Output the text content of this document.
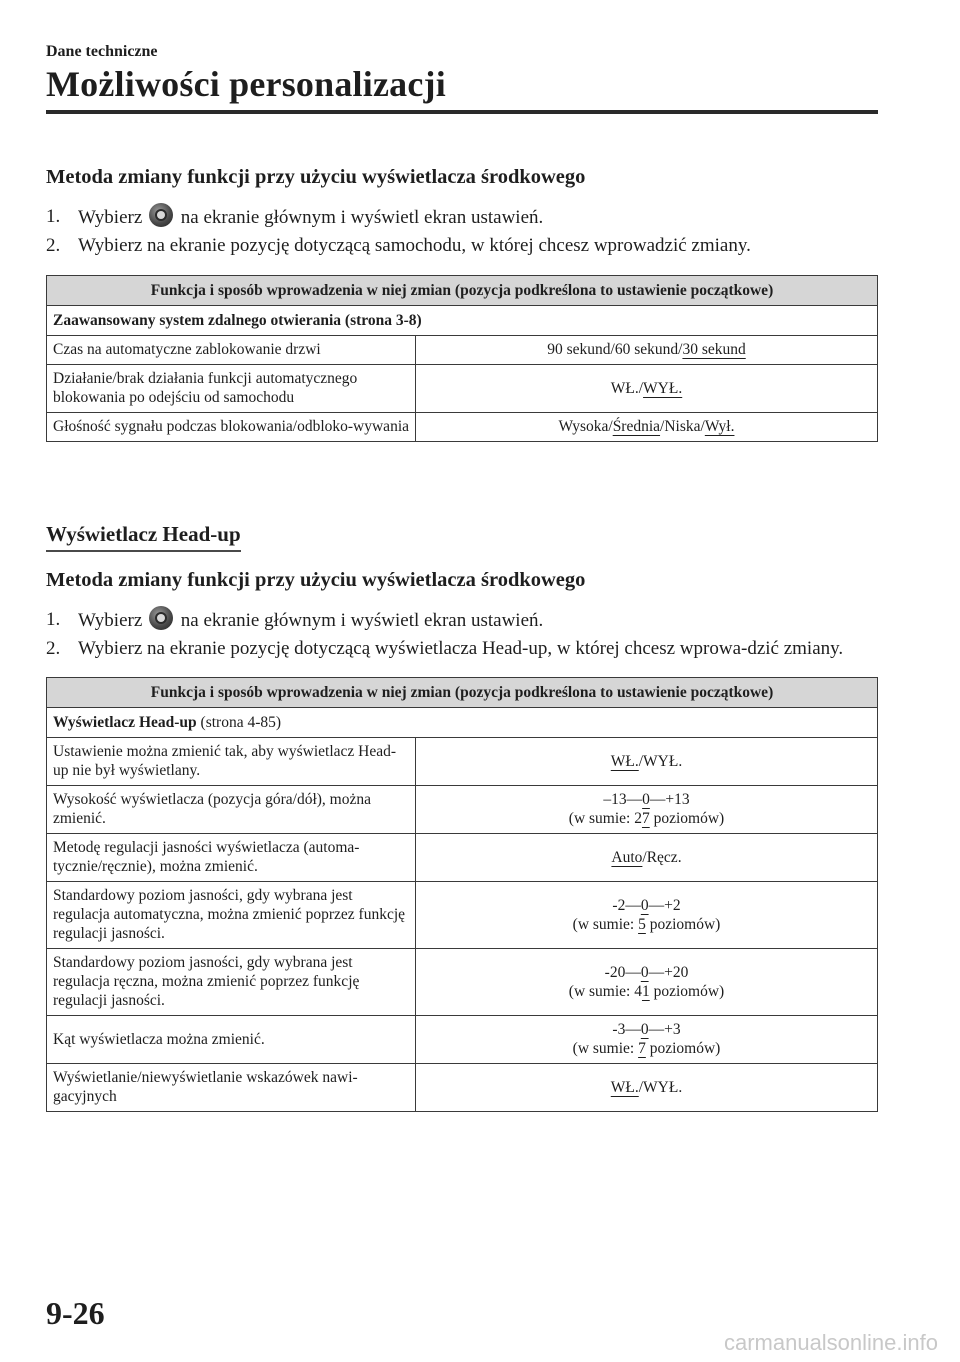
Dane techniczne

Możliwości personalizacji

Metoda zmiany funkcji przy użyciu wyświetlacza środkowego

1. Wybierz na ekranie głównym i wyświetl ekran ustawień.
2. Wybierz na ekranie pozycję dotyczącą samochodu, w której chcesz wprowadzić zmiany.
Funkcja i sposób wprowadzenia w niej zmian (pozycja podkreślona to ustawienie początkowe)	
Zaawansowany system zdalnego otwierania (strona 3-8)	
Czas na automatyczne zablokowanie drzwi	90 sekund/60 sekund/30 sekund
Działanie/brak działania funkcji automatycznego blokowania po odejściu od samochodu	WŁ./WYŁ.
Głośność sygnału podczas blokowania/odbloko-wywania	Wysoka/Średnia/Niska/Wył.
Wyświetlacz Head-up

Metoda zmiany funkcji przy użyciu wyświetlacza środkowego

1. Wybierz na ekranie głównym i wyświetl ekran ustawień.
2. Wybierz na ekranie pozycję dotyczącą wyświetlacza Head-up, w której chcesz wprowa-dzić zmiany.
Funkcja i sposób wprowadzenia w niej zmian (pozycja podkreślona to ustawienie początkowe)	
Wyświetlacz Head-up (strona 4-85)	
Ustawienie można zmienić tak, aby wyświetlacz Head-up nie był wyświetlany.	WŁ./WYŁ.
Wysokość wyświetlacza (pozycja góra/dół), można zmienić.	–13—0—+13
(w sumie: 27 poziomów)

Metodę regulacji jasności wyświetlacza (automa-tycznie/ręcznie), można zmienić.	Auto/Ręcz.
Standardowy poziom jasności, gdy wybrana jest regulacja automatyczna, można zmienić poprzez funkcję regulacji jasności.	-2—0—+2
(w sumie: 5 poziomów)

Standardowy poziom jasności, gdy wybrana jest regulacja ręczna, można zmienić poprzez funkcję regulacji jasności.	-20—0—+20
(w sumie: 41 poziomów)

Kąt wyświetlacza można zmienić.	-3—0—+3
(w sumie: 7 poziomów)

Wyświetlanie/niewyświetlanie wskazówek nawi-gacyjnych	WŁ./WYŁ.
9-26
carmanualsonline.info
